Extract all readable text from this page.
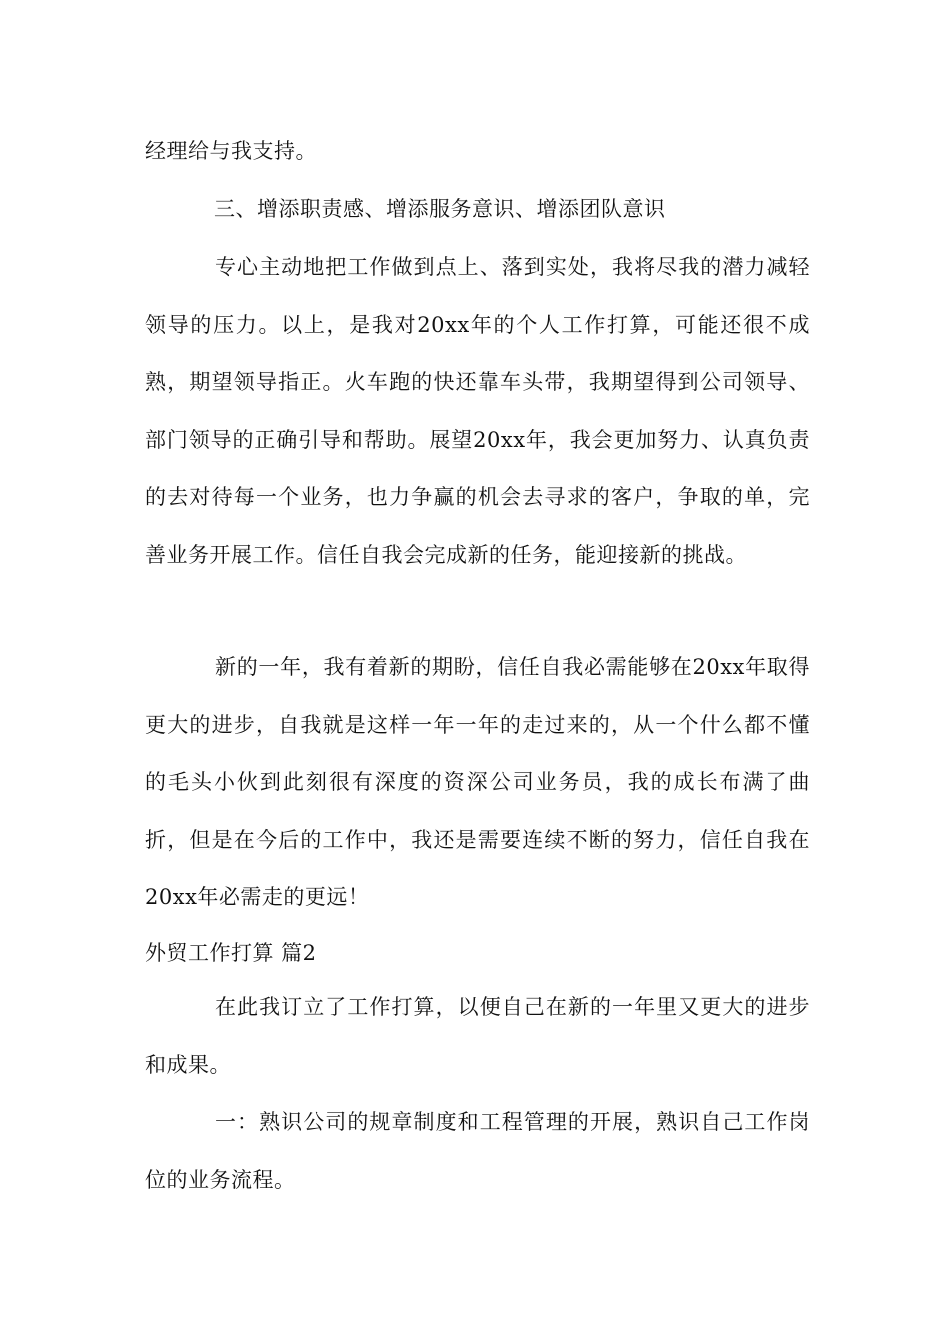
经理给与我支持。
三、增添职责感、增添服务意识、增添团队意识
专心主动地把工作做到点上、落到实处，我将尽我的潜力减轻领导的压力。以上，是我对20xx年的个人工作打算，可能还很不成熟，期望领导指正。火车跑的快还靠车头带，我期望得到公司领导、部门领导的正确引导和帮助。展望20xx年，我会更加努力、认真负责的去对待每一个业务，也力争赢的机会去寻求的客户，争取的单，完善业务开展工作。信任自我会完成新的任务，能迎接新的挑战。
新的一年，我有着新的期盼，信任自我必需能够在20xx年取得更大的进步，自我就是这样一年一年的走过来的，从一个什么都不懂的毛头小伙到此刻很有深度的资深公司业务员，我的成长布满了曲折，但是在今后的工作中，我还是需要连续不断的努力，信任自我在20xx年必需走的更远！
外贸工作打算 篇2
在此我订立了工作打算，以便自己在新的一年里又更大的进步和成果。
一：熟识公司的规章制度和工程管理的开展，熟识自己工作岗位的业务流程。
